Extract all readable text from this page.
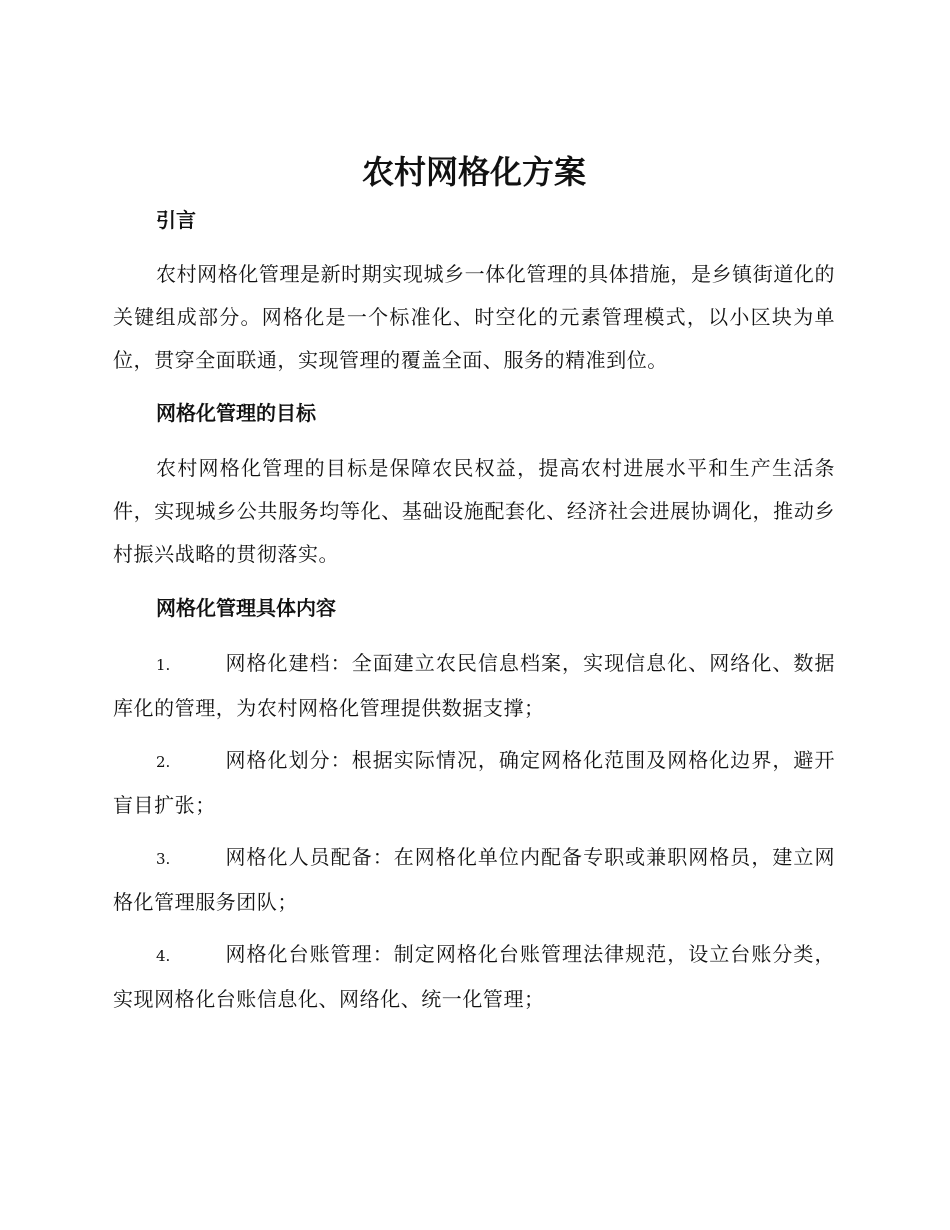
农村网格化方案
引言

农村网格化管理是新时期实现城乡一体化管理的具体措施，是乡镇街道化的关键组成部分。网格化是一个标准化、时空化的元素管理模式，以小区块为单位，贯穿全面联通，实现管理的覆盖全面、服务的精准到位。

网格化管理的目标

农村网格化管理的目标是保障农民权益，提高农村进展水平和生产生活条件，实现城乡公共服务均等化、基础设施配套化、经济社会进展协调化，推动乡村振兴战略的贯彻落实。

网格化管理具体内容

1.	网格化建档：全面建立农民信息档案，实现信息化、网络化、数据库化的管理，为农村网格化管理提供数据支撑；

2.	网格化划分：根据实际情况，确定网格化范围及网格化边界，避开盲目扩张；

3.	网格化人员配备：在网格化单位内配备专职或兼职网格员，建立网格化管理服务团队；

4.	网格化台账管理：制定网格化台账管理法律规范，设立台账分类，实现网格化台账信息化、网络化、统一化管理；
